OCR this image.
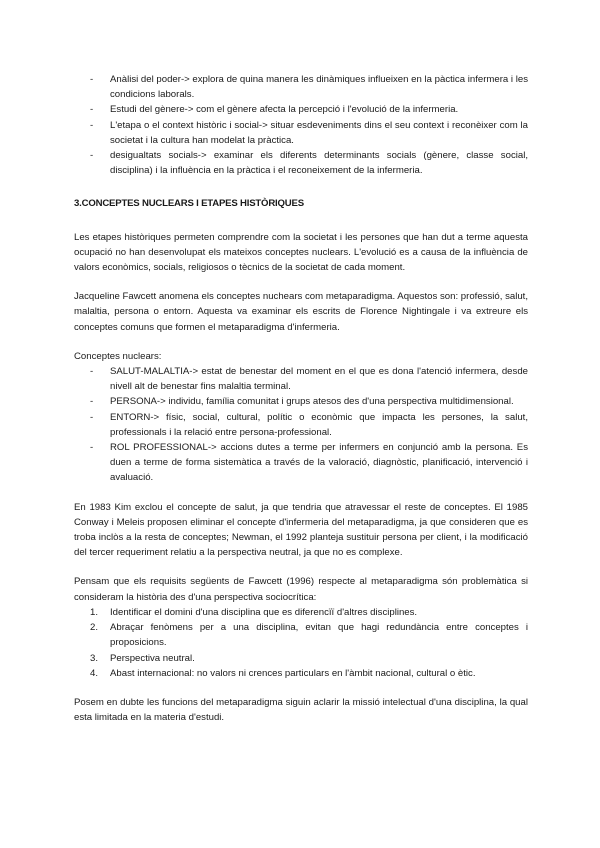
- Anàlisi del poder-> explora de quina manera les dinàmiques influeixen en la pàctica infermera i les condicions laborals.
- Estudi del gènere-> com el gènere afecta la percepció i l'evolució de la infermeria.
- L'etapa o el context històric i social-> situar esdeveniments dins el seu context i reconèixer com la societat i la cultura han modelat la pràctica.
- desigualtats socials-> examinar els diferents determinants socials (gènere, classe social, disciplina) i la influència en la pràctica i el reconeixement de la infermeria.

3.CONCEPTES NUCLEARS I ETAPES HISTÒRIQUES

Les etapes històriques permeten comprendre com la societat i les persones que han dut a terme aquesta ocupació no han desenvolupat els mateixos conceptes nuclears. L'evolució es a causa de la influència de valors econòmics, socials, religiosos o tècnics de la societat de cada moment.

Jacqueline Fawcett anomena els conceptes nuchears com metaparadigma. Aquestos son: professió, salut, malaltia, persona o entorn. Aquesta va examinar els escrits de Florence Nightingale i va extreure els conceptes comuns que formen el metaparadigma d'infermeria.

Conceptes nuclears:

- SALUT-MALALTIA-> estat de benestar del moment en el que es dona l'atenció infermera, desde nivell alt de benestar fins malaltia terminal.
- PERSONA-> individu, família comunitat i grups atesos des d'una perspectiva multidimensional.
- ENTORN-> físic, social, cultural, polític o econòmic que impacta les persones, la salut, professionals i la relació entre persona-professional.
- ROL PROFESSIONAL-> accions dutes a terme per infermers en conjunció amb la persona. Es duen a terme de forma sistemàtica a través de la valoració, diagnòstic, planificació, intervenció i avaluació.

En 1983 Kim exclou el concepte de salut, ja que tendria que atravessar el reste de conceptes. El 1985 Conway i Meleis proposen eliminar el concepte d'infermeria del metaparadigma, ja que consideren que es troba inclòs a la resta de conceptes; Newman, el 1992 planteja sustituir persona per client, i la modificació del tercer requeriment relatiu a la perspectiva neutral, ja que no es complexe.

Pensam que els requisits següents de Fawcett (1996) respecte al metaparadigma són problemàtica si consideram la història des d'una perspectiva sociocrítica:

1. Identificar el domini d'una disciplina que es diferencïï d'altres disciplines.
2. Abraçar fenòmens per a una disciplina, evitan que hagi redundància entre conceptes i proposicions.
3. Perspectiva neutral.
4. Abast internacional: no valors ni crences particulars en l'àmbit nacional, cultural o ètic.

Posem en dubte les funcions del metaparadigma siguin aclarir la missió intelectual d'una disciplina, la qual esta limitada en la materia d'estudi.
